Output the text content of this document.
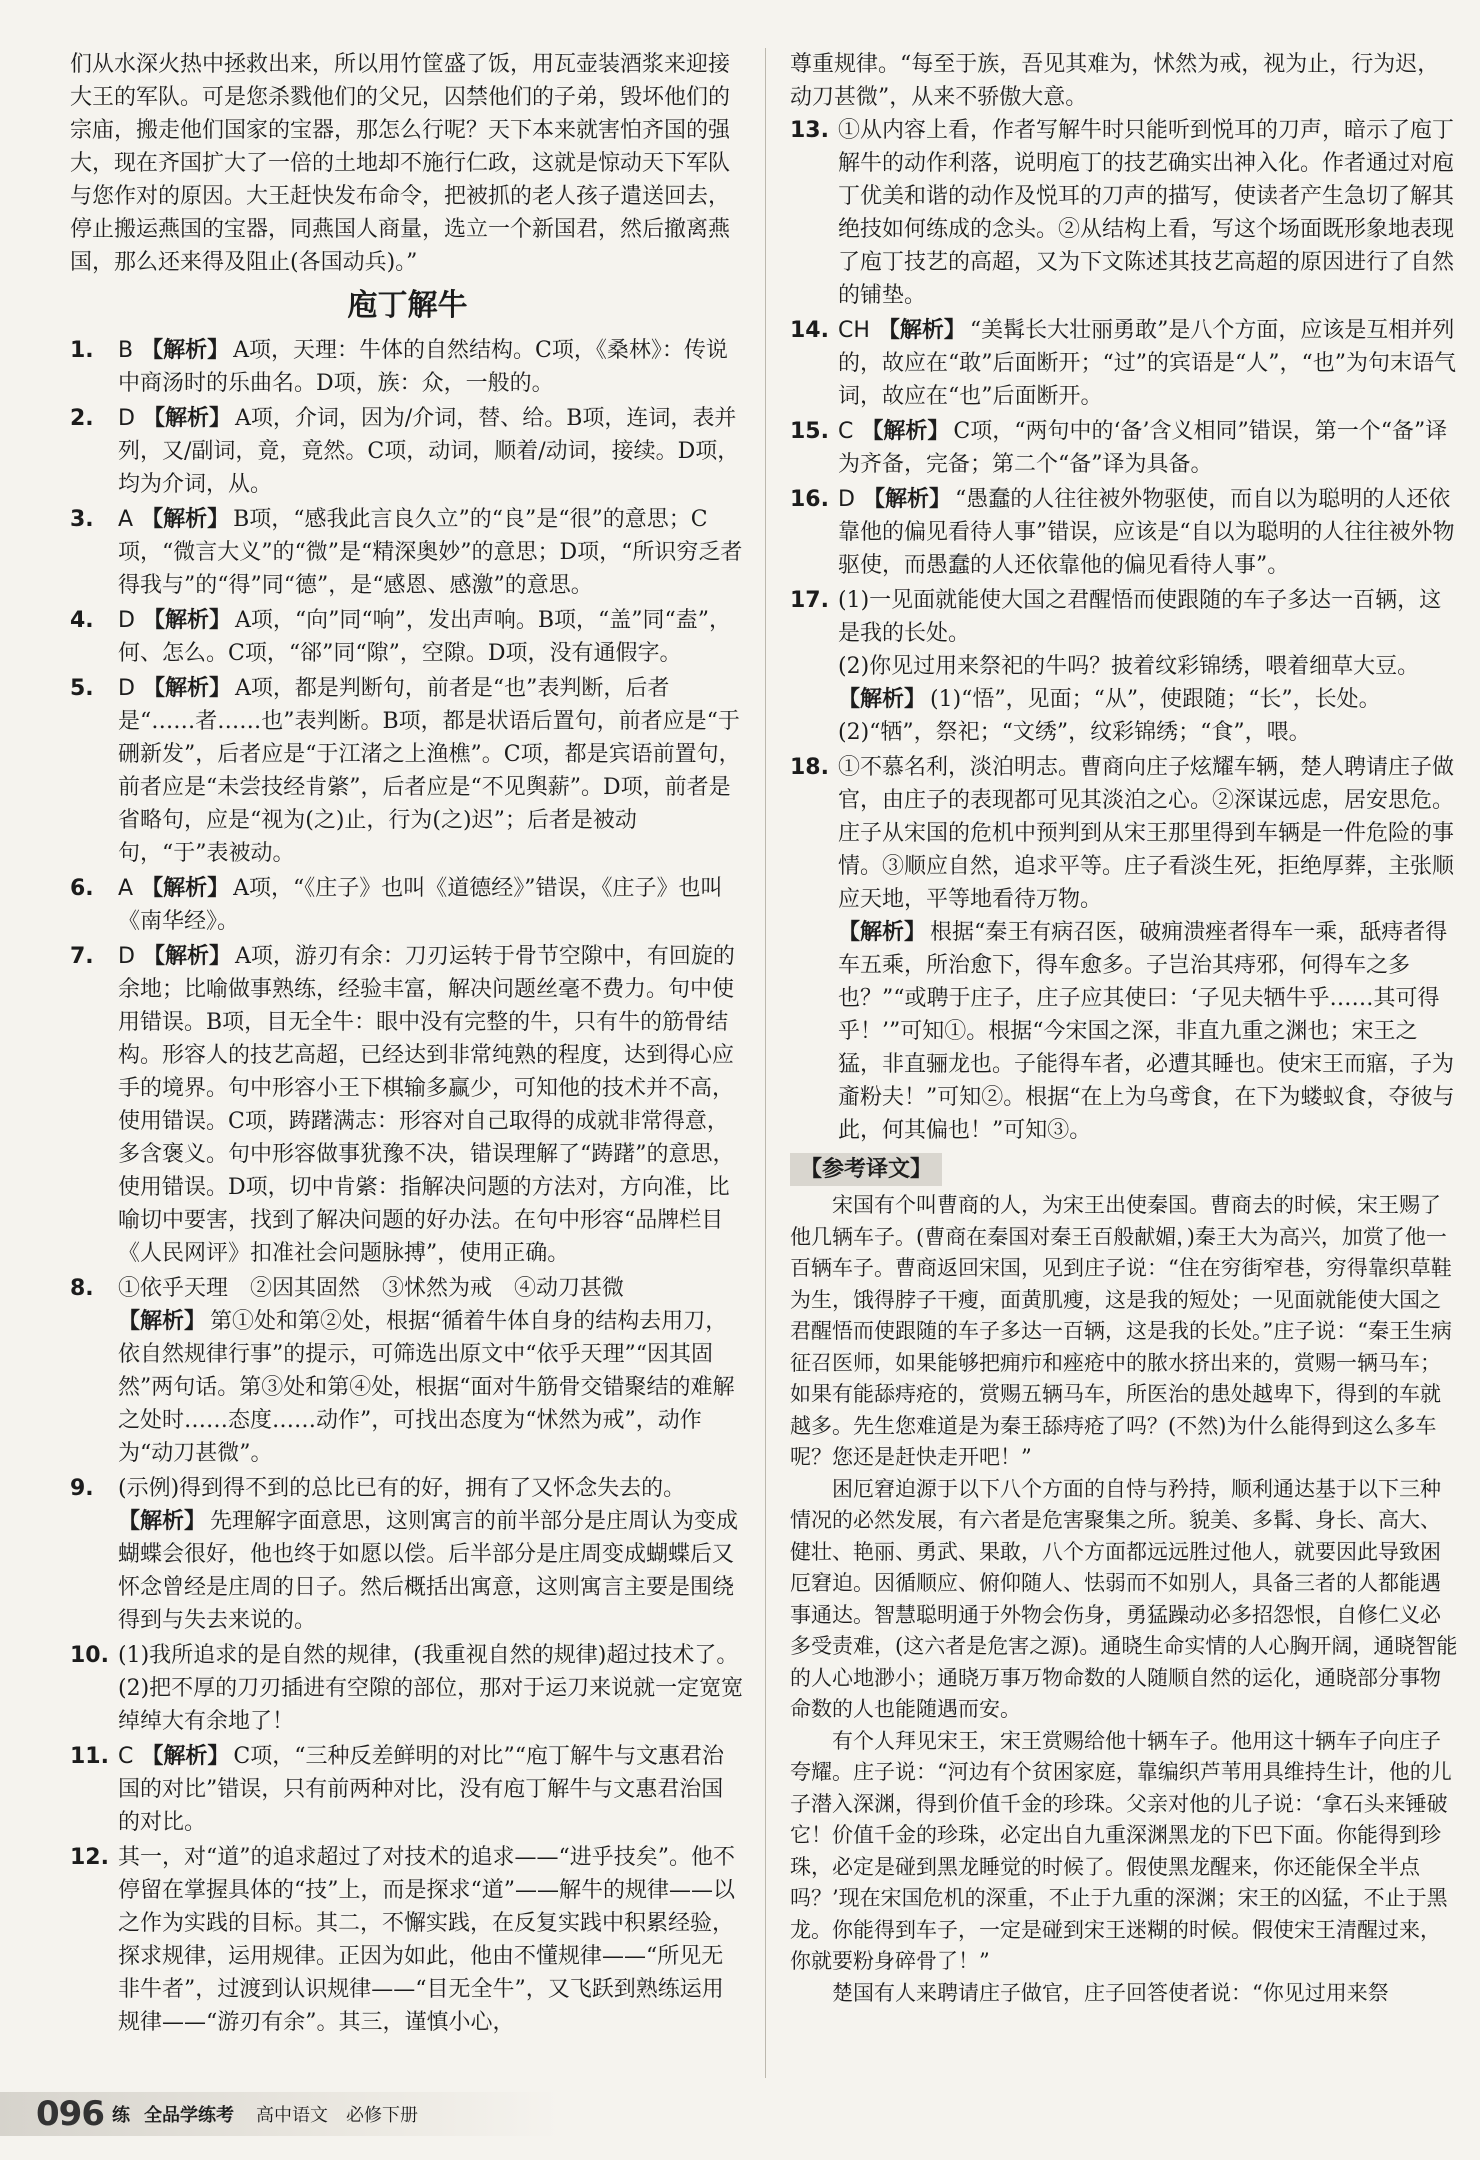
们从水深火热中拯救出来，所以用竹筐盛了饭，用瓦壶装酒浆来迎接大王的军队。可是您杀戮他们的父兄，囚禁他们的子弟，毁坏他们的宗庙，搬走他们国家的宝器，那怎么行呢？天下本来就害怕齐国的强大，现在齐国扩大了一倍的土地却不施行仁政，这就是惊动天下军队与您作对的原因。大王赶快发布命令，把被抓的老人孩子遣送回去，停止搬运燕国的宝器，同燕国人商量，选立一个新国君，然后撤离燕国，那么还来得及阻止(各国动兵)。”

庖丁解牛
1.	B 【解析】 A项，天理：牛体的自然结构。C项，《桑林》：传说中商汤时的乐曲名。D项，族：众，一般的。
2.	D 【解析】 A项，介词，因为/介词，替、给。B项，连词，表并列，又/副词，竟，竟然。C项，动词，顺着/动词，接续。D项，均为介词，从。
3.	A 【解析】 B项，“感我此言良久立”的“良”是“很”的意思；C项，“微言大义”的“微”是“精深奥妙”的意思；D项，“所识穷乏者得我与”的“得”同“德”，是“感恩、感激”的意思。
4.	D 【解析】 A项，“向”同“响”，发出声响。B项，“盖”同“盍”，何、怎么。C项，“郤”同“隙”，空隙。D项，没有通假字。
5.	D 【解析】 A项，都是判断句，前者是“也”表判断，后者是“……者……也”表判断。B项，都是状语后置句，前者应是“于硎新发”，后者应是“于江渚之上渔樵”。C项，都是宾语前置句，前者应是“未尝技经肯綮”，后者应是“不见舆薪”。D项，前者是省略句，应是“视为(之)止，行为(之)迟”；后者是被动句，“于”表被动。
6.	A 【解析】 A项，“《庄子》也叫《道德经》”错误，《庄子》也叫《南华经》。
7.	D 【解析】 A项，游刃有余：刀刃运转于骨节空隙中，有回旋的余地；比喻做事熟练，经验丰富，解决问题丝毫不费力。句中使用错误。B项，目无全牛：眼中没有完整的牛，只有牛的筋骨结构。形容人的技艺高超，已经达到非常纯熟的程度，达到得心应手的境界。句中形容小王下棋输多赢少，可知他的技术并不高，使用错误。C项，踌躇满志：形容对自己取得的成就非常得意，多含褒义。句中形容做事犹豫不决，错误理解了“踌躇”的意思，使用错误。D项，切中肯綮：指解决问题的方法对，方向准，比喻切中要害，找到了解决问题的好办法。在句中形容“品牌栏目《人民网评》扣准社会问题脉搏”，使用正确。
8.	①依乎天理　②因其固然　③怵然为戒　④动刀甚微
【解析】 第①处和第②处，根据“循着牛体自身的结构去用刀，依自然规律行事”的提示，可筛选出原文中“依乎天理”“因其固然”两句话。第③处和第④处，根据“面对牛筋骨交错聚结的难解之处时……态度……动作”，可找出态度为“怵然为戒”，动作为“动刀甚微”。
9.	(示例)得到得不到的总比已有的好，拥有了又怀念失去的。
【解析】 先理解字面意思，这则寓言的前半部分是庄周认为变成蝴蝶会很好，他也终于如愿以偿。后半部分是庄周变成蝴蝶后又怀念曾经是庄周的日子。然后概括出寓意，这则寓言主要是围绕得到与失去来说的。
10. (1)我所追求的是自然的规律，(我重视自然的规律)超过技术了。
(2)把不厚的刀刃插进有空隙的部位，那对于运刀来说就一定宽宽绰绰大有余地了！
11. C 【解析】 C项，“三种反差鲜明的对比”“庖丁解牛与文惠君治国的对比”错误，只有前两种对比，没有庖丁解牛与文惠君治国的对比。
12. 其一，对“道”的追求超过了对技术的追求——“进乎技矣”。他不停留在掌握具体的“技”上，而是探求“道”——解牛的规律——以之作为实践的目标。其二，不懈实践，在反复实践中积累经验，探求规律，运用规律。正因为如此，他由不懂规律——“所见无非牛者”，过渡到认识规律——“目无全牛”，又飞跃到熟练运用规律——“游刃有余”。其三，谨慎小心，

尊重规律。“每至于族，吾见其难为，怵然为戒，视为止，行为迟，动刀甚微”，从来不骄傲大意。

13. ①从内容上看，作者写解牛时只能听到悦耳的刀声，暗示了庖丁解牛的动作利落，说明庖丁的技艺确实出神入化。作者通过对庖丁优美和谐的动作及悦耳的刀声的描写，使读者产生急切了解其绝技如何练成的念头。②从结构上看，写这个场面既形象地表现了庖丁技艺的高超，又为下文陈述其技艺高超的原因进行了自然的铺垫。
14. CH 【解析】 “美髯长大壮丽勇敢”是八个方面，应该是互相并列的，故应在“敢”后面断开；“过”的宾语是“人”，“也”为句末语气词，故应在“也”后面断开。
15. C 【解析】 C项，“两句中的‘备’含义相同”错误，第一个“备”译为齐备，完备；第二个“备”译为具备。
16. D 【解析】 “愚蠢的人往往被外物驱使，而自以为聪明的人还依靠他的偏见看待人事”错误，应该是“自以为聪明的人往往被外物驱使，而愚蠢的人还依靠他的偏见看待人事”。
17. (1)一见面就能使大国之君醒悟而使跟随的车子多达一百辆，这是我的长处。
(2)你见过用来祭祀的牛吗？披着纹彩锦绣，喂着细草大豆。
【解析】 (1)“悟”，见面；“从”，使跟随；“长”，长处。(2)“牺”，祭祀；“文绣”，纹彩锦绣；“食”，喂。
18. ①不慕名利，淡泊明志。曹商向庄子炫耀车辆，楚人聘请庄子做官，由庄子的表现都可见其淡泊之心。②深谋远虑，居安思危。庄子从宋国的危机中预判到从宋王那里得到车辆是一件危险的事情。③顺应自然，追求平等。庄子看淡生死，拒绝厚葬，主张顺应天地，平等地看待万物。
【解析】 根据“秦王有病召医，破痈溃痤者得车一乘，舐痔者得车五乘，所治愈下，得车愈多。子岂治其痔邪，何得车之多也？”“或聘于庄子，庄子应其使曰：‘子见夫牺牛乎……其可得乎！’”可知①。根据“今宋国之深，非直九重之渊也；宋王之猛，非直骊龙也。子能得车者，必遭其睡也。使宋王而寤，子为齑粉夫！”可知②。根据“在上为乌鸢食，在下为蝼蚁食，夺彼与此，何其偏也！”可知③。
【参考译文】

宋国有个叫曹商的人，为宋王出使秦国。曹商去的时候，宋王赐了他几辆车子。(曹商在秦国对秦王百般献媚，)秦王大为高兴，加赏了他一百辆车子。曹商返回宋国，见到庄子说：“住在穷街窄巷，穷得靠织草鞋为生，饿得脖子干瘦，面黄肌瘦，这是我的短处；一见面就能使大国之君醒悟而使跟随的车子多达一百辆，这是我的长处。”庄子说：“秦王生病征召医师，如果能够把痈疖和痤疮中的脓水挤出来的，赏赐一辆马车；如果有能舔痔疮的，赏赐五辆马车，所医治的患处越卑下，得到的车就越多。先生您难道是为秦王舔痔疮了吗？(不然)为什么能得到这么多车呢？您还是赶快走开吧！”

困厄窘迫源于以下八个方面的自恃与矜持，顺利通达基于以下三种情况的必然发展，有六者是危害聚集之所。貌美、多髯、身长、高大、健壮、艳丽、勇武、果敢，八个方面都远远胜过他人，就要因此导致困厄窘迫。因循顺应、俯仰随人、怯弱而不如别人，具备三者的人都能遇事通达。智慧聪明通于外物会伤身，勇猛躁动必多招怨恨，自修仁义必多受责难，(这六者是危害之源)。通晓生命实情的人心胸开阔，通晓智能的人心地渺小；通晓万事万物命数的人随顺自然的运化，通晓部分事物命数的人也能随遇而安。

有个人拜见宋王，宋王赏赐给他十辆车子。他用这十辆车子向庄子夸耀。庄子说：“河边有个贫困家庭，靠编织芦苇用具维持生计，他的儿子潜入深渊，得到价值千金的珍珠。父亲对他的儿子说：‘拿石头来锤破它！价值千金的珍珠，必定出自九重深渊黑龙的下巴下面。你能得到珍珠，必定是碰到黑龙睡觉的时候了。假使黑龙醒来，你还能保全半点吗？’现在宋国危机的深重，不止于九重的深渊；宋王的凶猛，不止于黑龙。你能得到车子，一定是碰到宋王迷糊的时候。假使宋王清醒过来，你就要粉身碎骨了！”

楚国有人来聘请庄子做官，庄子回答使者说：“你见过用来祭

096 练 全品学练考 高中语文 必修下册
